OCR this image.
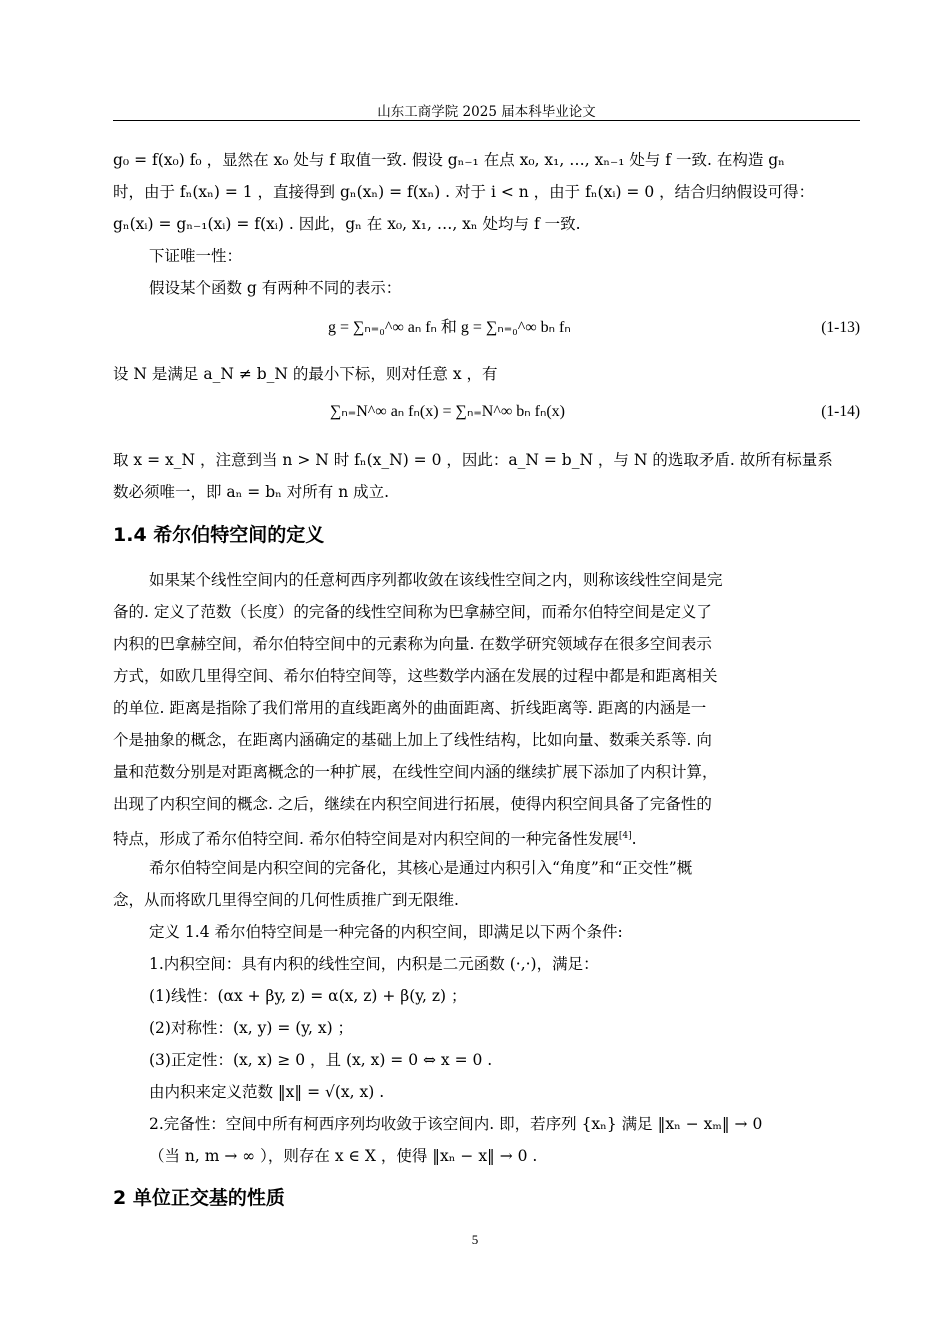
山东工商学院 2025 届本科毕业论文
g₀ = f(x₀) f₀ ，显然在 x₀ 处与 f 取值一致. 假设 gₙ₋₁ 在点 x₀, x₁, …, xₙ₋₁ 处与 f 一致. 在构造 gₙ
时，由于 fₙ(xₙ) = 1 ，直接得到 gₙ(xₙ) = f(xₙ) . 对于 i < n ，由于 fₙ(xᵢ) = 0 ，结合归纳假设可得：
gₙ(xᵢ) = gₙ₋₁(xᵢ) = f(xᵢ) . 因此，gₙ 在 x₀, x₁, …, xₙ 处均与 f 一致.
下证唯一性：
假设某个函数 g 有两种不同的表示：
g = ∑ₙ₌₀^∞ aₙ fₙ 和 g = ∑ₙ₌₀^∞ bₙ fₙ	(1-13)
设 N 是满足 a_N ≠ b_N 的最小下标，则对任意 x ，有
∑ₙ₌N^∞ aₙ fₙ(x) = ∑ₙ₌N^∞ bₙ fₙ(x)	(1-14)
取 x = x_N ，注意到当 n > N 时 fₙ(x_N) = 0 ，因此：a_N = b_N ，与 N 的选取矛盾. 故所有标量系
数必须唯一，即 aₙ = bₙ 对所有 n 成立.
1.4 希尔伯特空间的定义
如果某个线性空间内的任意柯西序列都收敛在该线性空间之内，则称该线性空间是完
备的. 定义了范数（长度）的完备的线性空间称为巴拿赫空间，而希尔伯特空间是定义了
内积的巴拿赫空间，希尔伯特空间中的元素称为向量. 在数学研究领域存在很多空间表示
方式，如欧几里得空间、希尔伯特空间等，这些数学内涵在发展的过程中都是和距离相关
的单位. 距离是指除了我们常用的直线距离外的曲面距离、折线距离等. 距离的内涵是一
个是抽象的概念，在距离内涵确定的基础上加上了线性结构，比如向量、数乘关系等. 向
量和范数分别是对距离概念的一种扩展，在线性空间内涵的继续扩展下添加了内积计算，
出现了内积空间的概念. 之后，继续在内积空间进行拓展，使得内积空间具备了完备性的
特点，形成了希尔伯特空间. 希尔伯特空间是对内积空间的一种完备性发展[4].
希尔伯特空间是内积空间的完备化，其核心是通过内积引入“角度”和“正交性”概
念，从而将欧几里得空间的几何性质推广到无限维.
定义 1.4 希尔伯特空间是一种完备的内积空间，即满足以下两个条件:
1.内积空间：具有内积的线性空间，内积是二元函数 (·,·)，满足：
(1)线性：(αx + βy, z) = α(x, z) + β(y, z) ；
(2)对称性：(x, y) = (y, x) ；
(3)正定性：(x, x) ≥ 0 ，且 (x, x) = 0 ⇔ x = 0 .
由内积来定义范数 ‖x‖ = √(x, x) .
2.完备性：空间中所有柯西序列均收敛于该空间内. 即，若序列 {xₙ} 满足 ‖xₙ − xₘ‖ → 0
（当 n, m → ∞ ），则存在 x ∈ X ，使得 ‖xₙ − x‖ → 0 .
2 单位正交基的性质
5
